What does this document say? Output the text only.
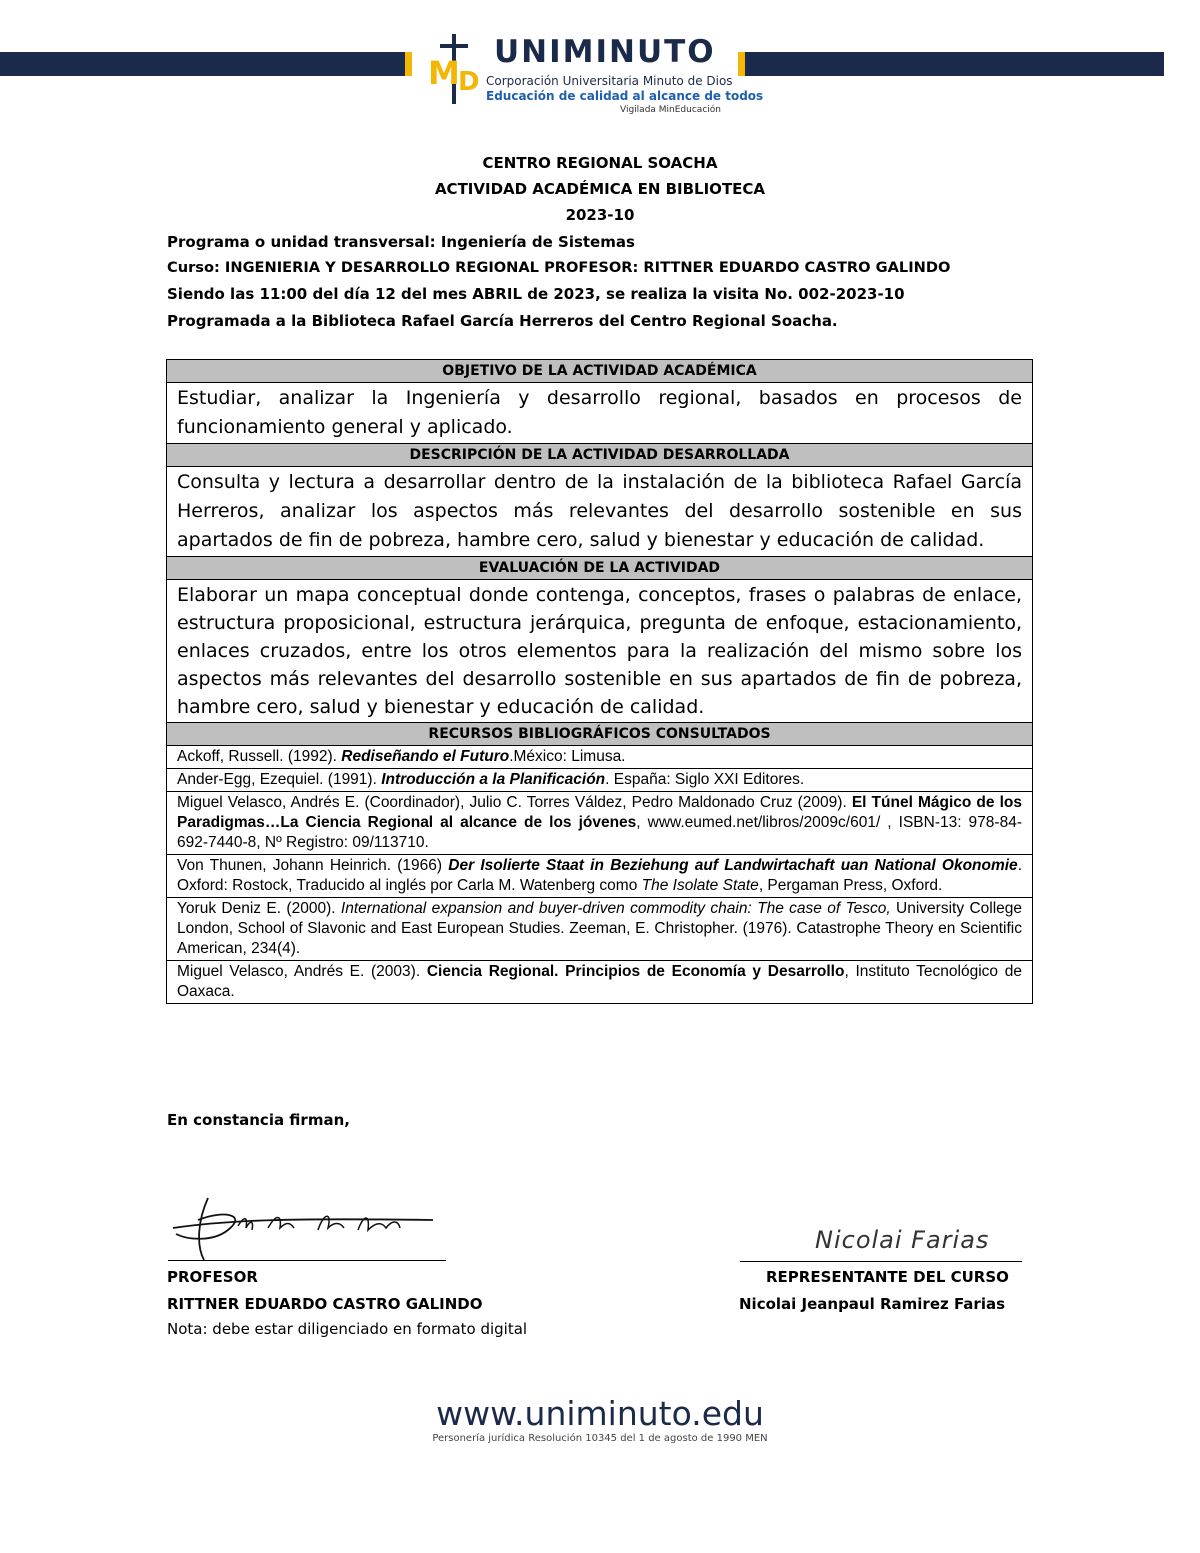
M
D
UNIMINUTO
Corporación Universitaria Minuto de Dios
Educación de calidad al alcance de todos
Vigilada MinEducación
CENTRO REGIONAL SOACHA
ACTIVIDAD ACADÉMICA EN BIBLIOTECA
2023-10
Programa o unidad transversal: Ingeniería de Sistemas
Curso: INGENIERIA Y DESARROLLO REGIONAL PROFESOR: RITTNER EDUARDO CASTRO GALINDO
Siendo las 11:00 del día 12 del mes ABRIL de 2023, se realiza la visita No. 002-2023-10
Programada a la Biblioteca Rafael García Herreros del Centro Regional Soacha.
OBJETIVO DE LA ACTIVIDAD ACADÉMICA
Estudiar, analizar la Ingeniería y desarrollo regional, basados en procesos de funcionamiento general y aplicado.
DESCRIPCIÓN DE LA ACTIVIDAD DESARROLLADA
Consulta y lectura a desarrollar dentro de la instalación de la biblioteca Rafael García Herreros, analizar los aspectos más relevantes del desarrollo sostenible en sus apartados de fin de pobreza, hambre cero, salud y bienestar y educación de calidad.
EVALUACIÓN DE LA ACTIVIDAD
Elaborar un mapa conceptual donde contenga, conceptos, frases o palabras de enlace, estructura proposicional, estructura jerárquica, pregunta de enfoque, estacionamiento, enlaces cruzados, entre los otros elementos para la realización del mismo sobre los aspectos más relevantes del desarrollo sostenible en sus apartados de fin de pobreza, hambre cero, salud y bienestar y educación de calidad.
RECURSOS BIBLIOGRÁFICOS CONSULTADOS
Ackoff, Russell. (1992). Rediseñando el Futuro.México: Limusa.
Ander-Egg, Ezequiel. (1991). Introducción a la Planificación. España: Siglo XXI Editores.
Miguel Velasco, Andrés E. (Coordinador), Julio C. Torres Váldez, Pedro Maldonado Cruz (2009). El Túnel Mágico de los Paradigmas…La Ciencia Regional al alcance de los jóvenes, www.eumed.net/libros/2009c/601/ , ISBN-13: 978-84-692-7440-8, Nº Registro: 09/113710.
Von Thunen, Johann Heinrich. (1966) Der Isolierte Staat in Beziehung auf Landwirtachaft uan National Okonomie. Oxford: Rostock, Traducido al inglés por Carla M. Watenberg como The Isolate State, Pergaman Press, Oxford.
Yoruk Deniz E. (2000). International expansion and buyer-driven commodity chain: The case of Tesco, University College London, School of Slavonic and East European Studies. Zeeman, E. Christopher. (1976). Catastrophe Theory en Scientific American, 234(4).
Miguel Velasco, Andrés E. (2003). Ciencia Regional. Principios de Economía y Desarrollo, Instituto Tecnológico de Oaxaca.
En constancia firman,
Nicolai Farias
PROFESOR
RITTNER EDUARDO CASTRO GALINDO
Nota: debe estar diligenciado en formato digital
REPRESENTANTE DEL CURSO
Nicolai Jeanpaul Ramirez Farias
www.uniminuto.edu
Personería jurídica Resolución 10345 del 1 de agosto de 1990 MEN
